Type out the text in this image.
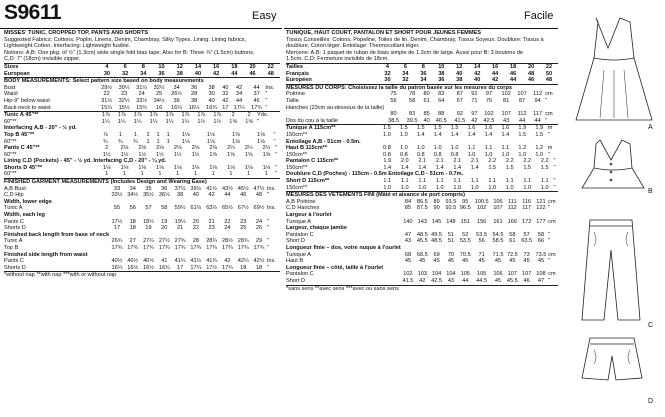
S9611	Easy	Facile

MISSES' TUNIC, CROPPED TOP, PANTS AND SHORTS

Suggested Fabrics: Cottons, Poplin, Linens, Denim, Chambray, Silky Types. Lining: Lining fabrics,

Lightweight Cotton. Interfacing: Lightweight fusible.

Notions: A,B: One pkg. of ½" (1.3cm) wide single fold bias tape. Also for B: Three ⅞" (1.5cm) buttons.

C,D: 7" (18cm) invisible zipper.

Sizes	4	6	8	10	12	14	16	18	20	22	
European	30	32	34	36	38	40	42	44	46	48	

BODY MEASUREMENTS: Select pattern size based on body measurements

Bust	29½	30½	31½	32½	34	36	38	40	42	44	Ins.
Waist	22	23	24	25	26½	28	30	32	34	37	"
Hip-9" below waist	31½	32½	33½	34½	36	38	40	42	44	46	"
Back-neck to waist	15¼	15½	15¾	16	16¼	16½	16¾	17	17¼	17¾	"
Tunic A 45"**	1⅞	1⅞	1⅞	1⅞	1⅞	1⅞	1⅞	1⅞	2	2	Yds.
60"**	1¼	1¼	1¼	1¼	1¼	1¼	1½	1½	1⅝	1⅝	"
Interfacing A,B - 20" - ½ yd.
Top B 45"**	⅞	1	1	1	1	1	1⅛	1⅛	1⅛	1⅛	"
60"**	¾	¾	¾	1	1	1	1⅛	1⅛	1⅛	1⅛	"
Pants C 45"**	2	2⅛	2⅛	2⅛	2⅛	2⅛	2⅛	2¼	2¼	2¼	"
60"**	1½	1½	1½	1½	1½	1½	1⅝	1⅝	1⅝	1⅝	"
Lining C,D (Pockets) - 45" - ½ yd. Interfacing C,D - 20" - ¼ yd.
Shorts D 45"**	1⅛	1⅛	1⅛	1⅛	1⅛	1⅛	1⅛	1⅛	1⅛	1⅛	"
60"**	1	1	1	1	1	1	1	1	1	1	"

FINISHED GARMENT MEASUREMENTS (Includes Design and Wearing Ease)

A,B Bust	33	34	35	36	37½	39½	41½	43½	45½	47½	Ins.
C,D Hip	33½	34½	35½	36½	38	40	42	44	46	48	"
Width, lower edge											
Tunic A	55	56	57	58	59½	61½	63½	65½	67½	69½	Ins.
Width, each leg											
Pants C	17½	18	18½	19	19½	20	21	22	23	24	"
Shorts D	17	18	19	20	21	22	23	24	25	26	"
Finished back length from base of neck											
Tunic A	26¾	27	27¼	27½	27¾	28	28¼	28½	28¾	29	"
Top B	17¾	17¾	17¾	17¾	17¾	17¾	17¾	17¾	17¾	17¾	"
Finished side length from waist											
Pants C	40½	40½	40½	41	41¼	41½	41¾	42	42¼	42½	Ins.
Shorts D	16¼	16½	16½	16¾	17	17¼	17½	17¾	18	18	"

*without nap **with nap ***with or without nap

TUNIQUE, HAUT COURT, PANTALON ET SHORT POUR JEUNES FEMMES

Tissus Conseillés: Cotons, Popeline, Toiles de lin, Denim, Chambray, Tissus Soyeux. Doublure: Tissus à

doublure, Coton léger. Entoilage: Thermocollant léger.

Mercerie: A,B: 1 paquet de ruban de biais simple de 1.3cm de large. Aussi pour B: 3 boutons de

1.5cm. C,D: Fermeture invisible de 18cm.

Tailles	4	6	8	10	12	14	16	18	20	22	
Français	32	34	36	38	40	42	44	46	48	50	
Européen	30	32	34	36	38	40	42	44	46	48	

MESURES DU CORPS: Choisissez la taille du patron basée sur les mesures du corps

Poitrine	75	78	80	83	87	92	97	102	107	112	cm
Taille	56	58	61	64	67	71	76	81	87	94	"
Hanches (23cm au-dessous de la taille)											
	80	83	85	88	92	97	102	107	112	117	cm
Dos du cou à la taille	38.5	39.5	40	40.5	41.5	42	42.5	43	44	44	"
Tunique A 115cm**	1.5	1.5	1.5	1.5	1.5	1.6	1.6	1.6	1.9	1.9	m
150cm**	1.0	1.0	1.4	1.4	1.4	1.4	1.4	1.4	1.5	1.5	"
Entoilage A,B - 51cm - 0.5m.
Haut B 115cm**	0.8	1.0	1.0	1.0	1.0	1.1	1.1	1.1	1.2	1.2	m
150cm**	0.8	0.8	0.8	0.8	0.8	1.0	1.0	1.0	1.0	1.0	"
Pantalon C 115cm**	1.9	2.0	2.1	2.1	2.1	2.1	2.2	2.2	2.2	2.2	"
150cm**	1.4	1.4	1.4	1.4	1.4	1.4	1.5	1.5	1.5	1.5	"
Doublure C,D (Poches) - 115cm - 0.5m Entoilage C,D - 51cm - 0.7m.
Short D 115cm**	1.1	1.1	1.1	1.1	1.1	1.1	1.1	1.1	1.1	1.1	"
150cm**	1.0	1.0	1.0	1.0	1.0	1.0	1.0	1.0	1.0	1.0	"

MESURES DES VÊTEMENTS FINI (Mâté et aisance de port compris)

A,B Poitrine	84	86.5	89	91.5	95	100.5	106	111	116	121	cm
C,D Hanches	85	87.5	90	92.5	96.5	102	107	112	117	122	"
Largeur à l'ourlet											
Tunique A	140	143	145	148	151	156	161	166	172	177	cm
Largeur, chaque jambe											
Pantalon C	47	48.5	49.5	51	52	53.5	54.5	58	57	58	"
Short D	43	45.5	48.5	51	53.5	56	58.5	61	63.5	66	"
Longueur finie – dos, votre nuque à l'ourlet											
Tunique A	68	68.5	69	70	70.5	71	71.5	72.5	73	73.5	cm
Haut B	45	45	45	45	45	45	45	45	45	45	"
Longueur finie – côté, taille à l'ourlet											
Pantalon C	102	103	104	104	105	105	106	107	107	108	cm
Short D	41.5	42	42.5	43	44	44.5	45	45.5	46	47	"

*sans sens **avec sens ***avec ou sans sens

A
B
C
D
